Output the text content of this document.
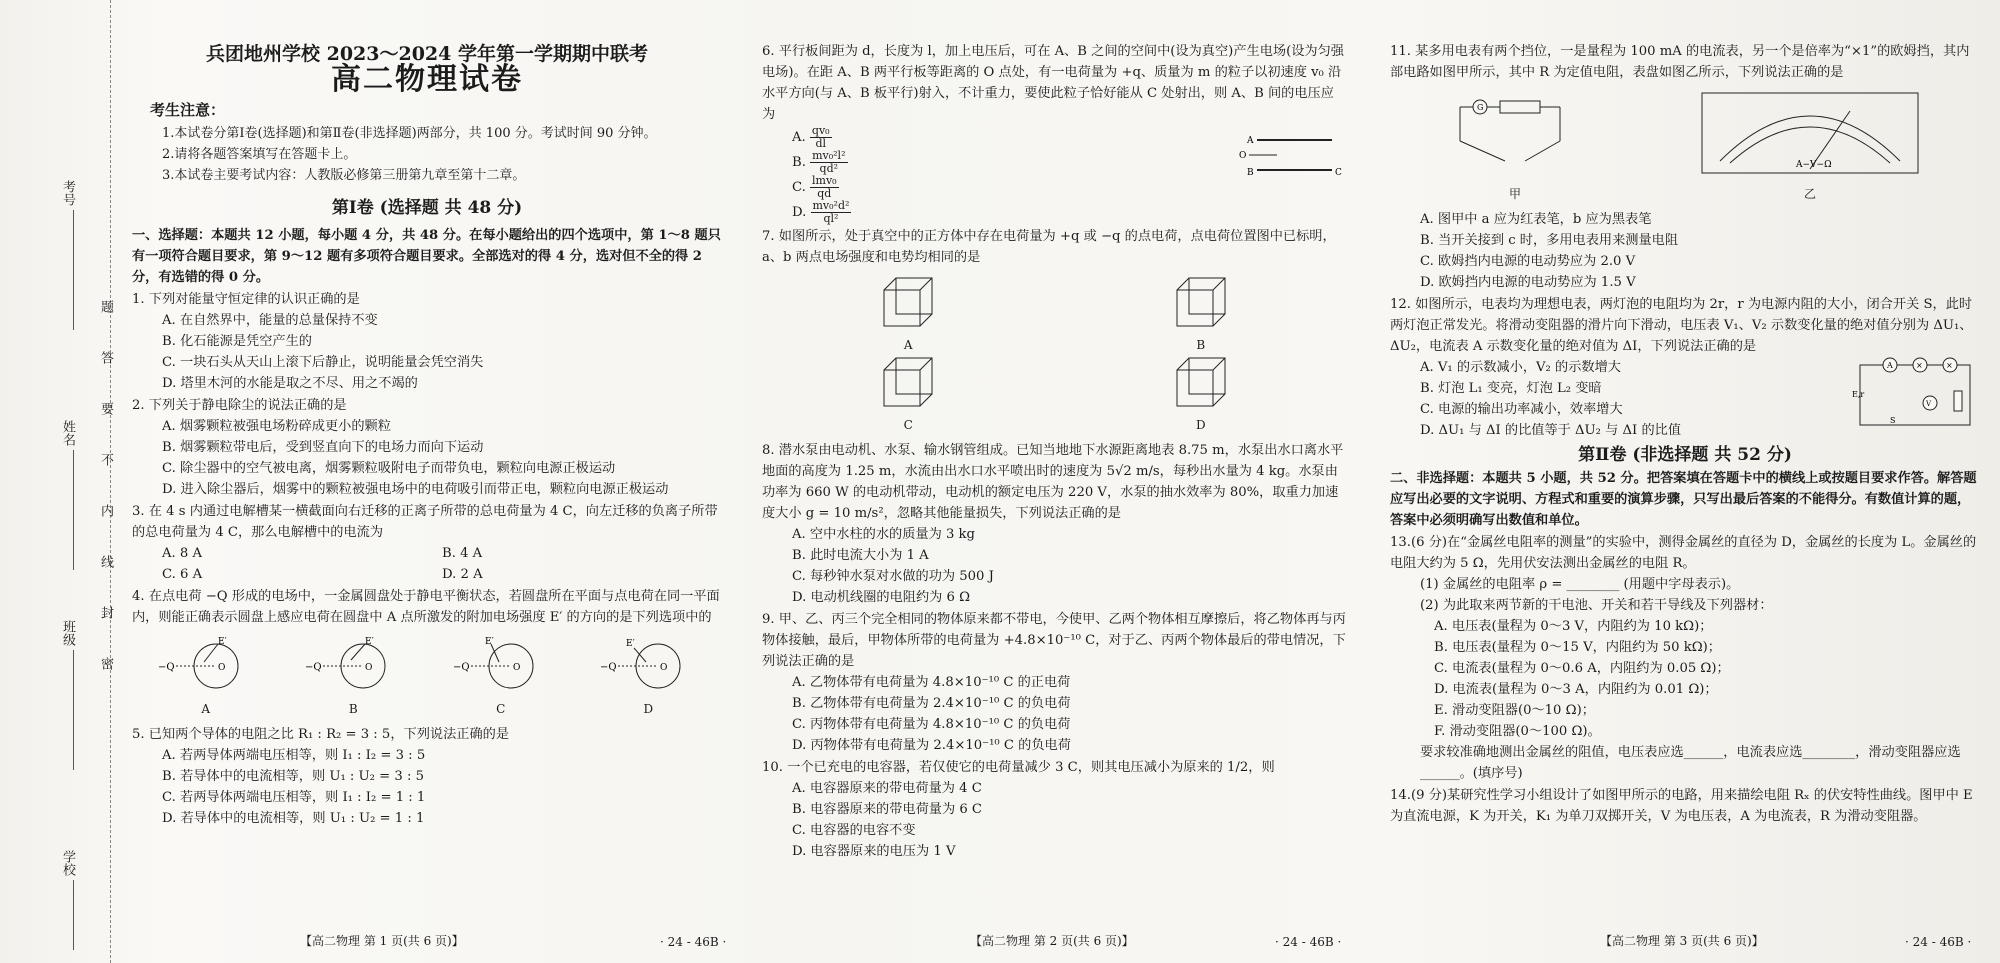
考号
姓名
班级
学校
题答要不内线封密
兵团地州学校 2023～2024 学年第一学期期中联考
高二物理试卷
考生注意：
1.本试卷分第Ⅰ卷(选择题)和第Ⅱ卷(非选择题)两部分，共 100 分。考试时间 90 分钟。
2.请将各题答案填写在答题卡上。
3.本试卷主要考试内容：人教版必修第三册第九章至第十二章。
第Ⅰ卷 (选择题 共 48 分)
一、选择题：本题共 12 小题，每小题 4 分，共 48 分。在每小题给出的四个选项中，第 1～8 题只有一项符合题目要求，第 9～12 题有多项符合题目要求。全部选对的得 4 分，选对但不全的得 2 分，有选错的得 0 分。
1. 下列对能量守恒定律的认识正确的是
A. 在自然界中，能量的总量保持不变
B. 化石能源是凭空产生的
C. 一块石头从天山上滚下后静止，说明能量会凭空消失
D. 塔里木河的水能是取之不尽、用之不竭的
2. 下列关于静电除尘的说法正确的是
A. 烟雾颗粒被强电场粉碎成更小的颗粒
B. 烟雾颗粒带电后，受到竖直向下的电场力而向下运动
C. 除尘器中的空气被电离，烟雾颗粒吸附电子而带负电，颗粒向电源正极运动
D. 进入除尘器后，烟雾中的颗粒被强电场中的电荷吸引而带正电，颗粒向电源正极运动
3. 在 4 s 内通过电解槽某一横截面向右迁移的正离子所带的总电荷量为 4 C，向左迁移的负离子所带的总电荷量为 4 C，那么电解槽中的电流为
A. 8 A	B. 4 A
C. 6 A	D. 2 A
4. 在点电荷 −Q 形成的电场中，一金属圆盘处于静电平衡状态，若圆盘所在平面与点电荷在同一平面内，则能正确表示圆盘上感应电荷在圆盘中 A 点所激发的附加电场强度 E′ 的方向的是下列选项中的
−Q
E′
O
A
−Q
E′
O
B
−Q
E′
O
C
−Q
E′
O
D
5. 已知两个导体的电阻之比 R₁ : R₂ = 3 : 5，下列说法正确的是
A. 若两导体两端电压相等，则 I₁ : I₂ = 3 : 5
B. 若导体中的电流相等，则 U₁ : U₂ = 3 : 5
C. 若两导体两端电压相等，则 I₁ : I₂ = 1 : 1
D. 若导体中的电流相等，则 U₁ : U₂ = 1 : 1
【高二物理 第 1 页(共 6 页)】	· 24 - 46B ·
6. 平行板间距为 d，长度为 l，加上电压后，可在 A、B 之间的空间中(设为真空)产生电场(设为匀强电场)。在距 A、B 两平行板等距离的 O 点处，有一电荷量为 +q、质量为 m 的粒子以初速度 v₀ 沿水平方向(与 A、B 板平行)射入，不计重力，要使此粒子恰好能从 C 处射出，则 A、B 间的电压应为
A. $\frac{\text{qv₀}}{dl}$
B. $\frac{\text{mv₀²l²}}{\text{qd²}}$
C. $\frac{\text{lmv₀}}{qd}$
D. $\frac{\text{mv₀²d²}}{\text{ql²}}$
A
B
O
C
7. 如图所示，处于真空中的正方体中存在电荷量为 +q 或 −q 的点电荷，点电荷位置图中已标明，a、b 两点电场强度和电势均相同的是
A	B
C	D
8. 潜水泵由电动机、水泵、输水钢管组成。已知当地地下水源距离地表 8.75 m，水泵出水口离水平地面的高度为 1.25 m，水流由出水口水平喷出时的速度为 5√2 m/s，每秒出水量为 4 kg。水泵由功率为 660 W 的电动机带动，电动机的额定电压为 220 V，水泵的抽水效率为 80%，取重力加速度大小 g = 10 m/s²，忽略其他能量损失，下列说法正确的是
A. 空中水柱的水的质量为 3 kg
B. 此时电流大小为 1 A
C. 每秒钟水泵对水做的功为 500 J
D. 电动机线圈的电阻约为 6 Ω
9. 甲、乙、丙三个完全相同的物体原来都不带电，今使甲、乙两个物体相互摩擦后，将乙物体再与丙物体接触，最后，甲物体所带的电荷量为 +4.8×10⁻¹⁰ C，对于乙、丙两个物体最后的带电情况，下列说法正确的是
A. 乙物体带有电荷量为 4.8×10⁻¹⁰ C 的正电荷
B. 乙物体带有电荷量为 2.4×10⁻¹⁰ C 的负电荷
C. 丙物体带有电荷量为 4.8×10⁻¹⁰ C 的负电荷
D. 丙物体带有电荷量为 2.4×10⁻¹⁰ C 的负电荷
10. 一个已充电的电容器，若仅使它的电荷量减少 3 C，则其电压减小为原来的 1/2，则
A. 电容器原来的带电荷量为 4 C
B. 电容器原来的带电荷量为 6 C
C. 电容器的电容不变
D. 电容器原来的电压为 1 V
【高二物理 第 2 页(共 6 页)】	· 24 - 46B ·
11. 某多用电表有两个挡位，一是量程为 100 mA 的电流表，另一个是倍率为“×1”的欧姆挡，其内部电路如图甲所示，其中 R 为定值电阻，表盘如图乙所示，下列说法正确的是
G
甲
A−V−Ω
乙
A. 图甲中 a 应为红表笔，b 应为黑表笔
B. 当开关接到 c 时，多用电表用来测量电阻
C. 欧姆挡内电源的电动势应为 2.0 V
D. 欧姆挡内电源的电动势应为 1.5 V
12. 如图所示，电表均为理想电表，两灯泡的电阻均为 2r，r 为电源内阻的大小，闭合开关 S，此时两灯泡正常发光。将滑动变阻器的滑片向下滑动，电压表 V₁、V₂ 示数变化量的绝对值分别为 ΔU₁、ΔU₂，电流表 A 示数变化量的绝对值为 ΔI，下列说法正确的是
A. V₁ 的示数减小，V₂ 的示数增大
B. 灯泡 L₁ 变亮，灯泡 L₂ 变暗
C. 电源的输出功率减小，效率增大
D. ΔU₁ 与 ΔI 的比值等于 ΔU₂ 与 ΔI 的比值
A	×	×
V
E,r
S
第Ⅱ卷 (非选择题 共 52 分)
二、非选择题：本题共 5 小题，共 52 分。把答案填在答题卡中的横线上或按题目要求作答。解答题应写出必要的文字说明、方程式和重要的演算步骤，只写出最后答案的不能得分。有数值计算的题，答案中必须明确写出数值和单位。
13.(6 分)在“金属丝电阻率的测量”的实验中，测得金属丝的直径为 D，金属丝的长度为 L。金属丝的电阻大约为 5 Ω，先用伏安法测出金属丝的电阻 R。
(1) 金属丝的电阻率 ρ = ________ (用题中字母表示)。
(2) 为此取来两节新的干电池、开关和若干导线及下列器材：
A. 电压表(量程为 0～3 V，内阻约为 10 kΩ)；
B. 电压表(量程为 0～15 V，内阻约为 50 kΩ)；
C. 电流表(量程为 0～0.6 A，内阻约为 0.05 Ω)；
D. 电流表(量程为 0～3 A，内阻约为 0.01 Ω)；
E. 滑动变阻器(0～10 Ω)；
F. 滑动变阻器(0～100 Ω)。
要求较准确地测出金属丝的阻值，电压表应选______，电流表应选________，滑动变阻器应选______。(填序号)
14.(9 分)某研究性学习小组设计了如图甲所示的电路，用来描绘电阻 Rₓ 的伏安特性曲线。图甲中 E 为直流电源，K 为开关，K₁ 为单刀双掷开关，V 为电压表，A 为电流表，R 为滑动变阻器。
【高二物理 第 3 页(共 6 页)】	· 24 - 46B ·
